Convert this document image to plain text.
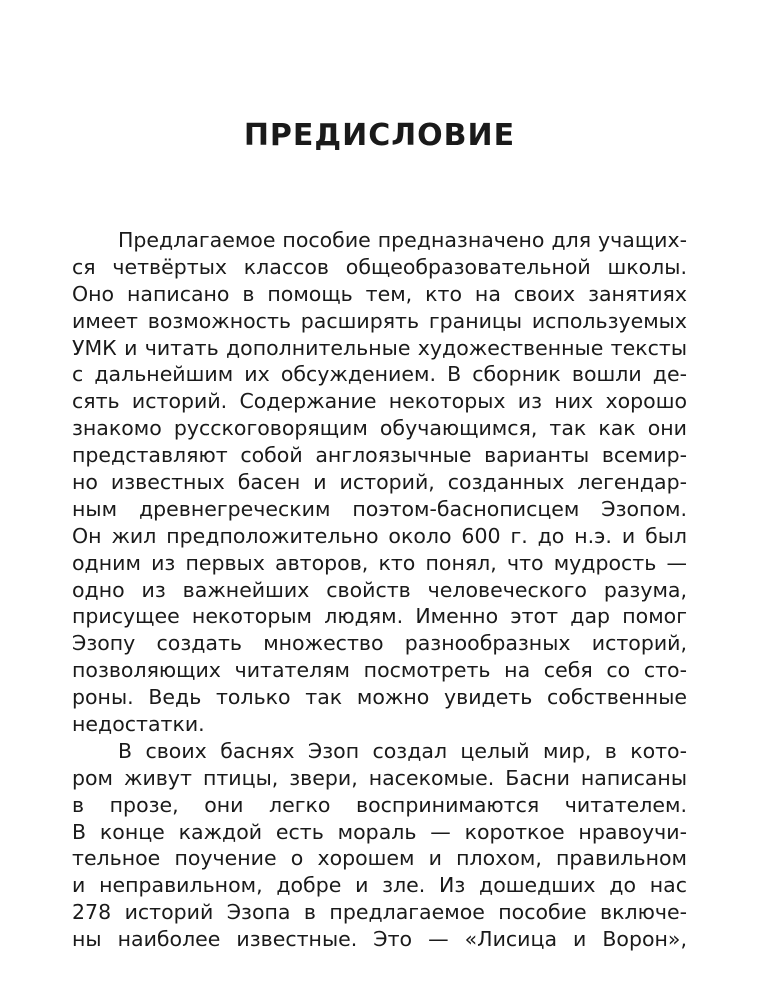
ПРЕДИСЛОВИЕ
Предлагаемое пособие предназначено для учащих-
ся четвёртых классов общеобразовательной школы.
Оно написано в помощь тем, кто на своих занятиях
имеет возможность расширять границы используемых
УМК и читать дополнительные художественные тексты
с дальнейшим их обсуждением. В сборник вошли де-
сять историй. Содержание некоторых из них хорошо
знакомо русскоговорящим обучающимся, так как они
представляют собой англоязычные варианты всемир-
но известных басен и историй, созданных легендар-
ным древнегреческим поэтом-баснописцем Эзопом.
Он жил предположительно около 600 г. до н.э. и был
одним из первых авторов, кто понял, что мудрость —
одно из важнейших свойств человеческого разума,
присущее некоторым людям. Именно этот дар помог
Эзопу создать множество разнообразных историй,
позволяющих читателям посмотреть на себя со сто-
роны. Ведь только так можно увидеть собственные
недостатки.
В своих баснях Эзоп создал целый мир, в кото-
ром живут птицы, звери, насекомые. Басни написаны
в прозе, они легко воспринимаются читателем.
В конце каждой есть мораль — короткое нравоучи-
тельное поучение о хорошем и плохом, правильном
и неправильном, добре и зле. Из дошедших до нас
278 историй Эзопа в предлагаемое пособие включе-
ны наиболее известные. Это — «Лисица и Ворон»,
